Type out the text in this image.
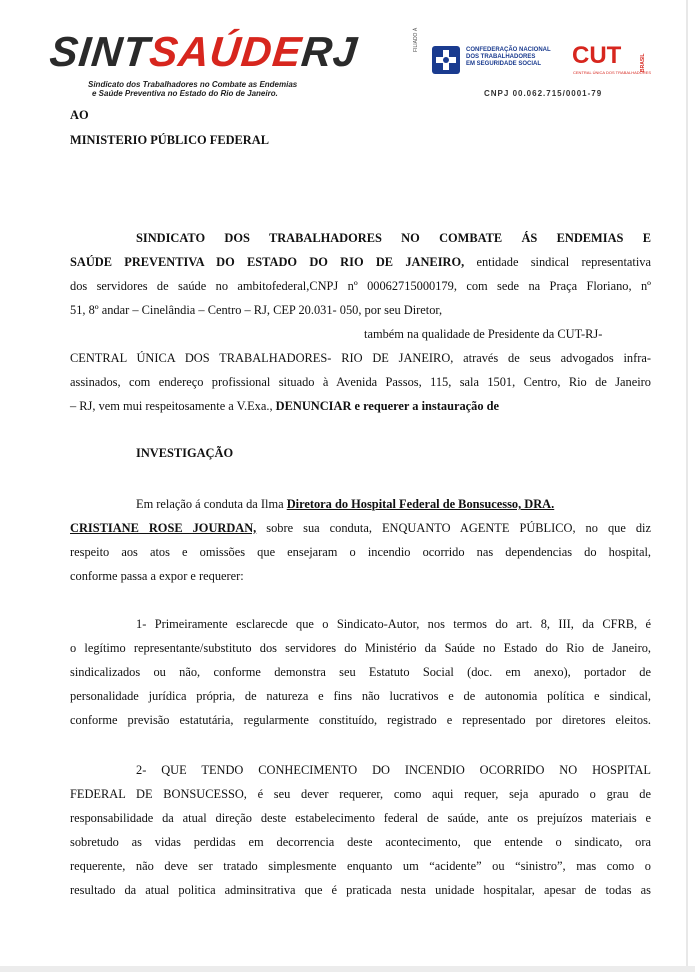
SINTSAÚDERJ
Sindicato dos Trabalhadores no Combate as Endemias
e Saúde Preventiva no Estado do Rio de Janeiro.
FILIADO À	CONFEDERAÇÃO NACIONAL
DOS TRABALHADORES
EM SEGURIDADE SOCIAL	CUT	BRASIL
CENTRAL ÚNICA DOS TRABALHADORES
CNPJ 00.062.715/0001-79
AO
MINISTERIO PÚBLICO FEDERAL
SINDICATO DOS TRABALHADORES NO COMBATE ÁS ENDEMIAS E
SAÚDE PREVENTIVA DO ESTADO DO RIO DE JANEIRO, entidade sindical representativa
dos servidores de saúde no ambitofederal,CNPJ nº 00062715000179, com sede na Praça Floriano, nº
51, 8º andar – Cinelândia – Centro – RJ, CEP 20.031- 050, por seu Diretor,
também na qualidade de Presidente da CUT-RJ-
CENTRAL ÚNICA DOS TRABALHADORES- RIO DE JANEIRO, através de seus advogados infra-
assinados, com endereço profissional situado à Avenida Passos, 115, sala 1501, Centro, Rio de Janeiro
– RJ, vem mui respeitosamente a V.Exa., DENUNCIAR e requerer a instauração de
INVESTIGAÇÃO
Em relação á conduta da Ilma Diretora do Hospital Federal de Bonsucesso, DRA.
CRISTIANE ROSE JOURDAN, sobre sua conduta, ENQUANTO AGENTE PÚBLICO, no que diz
respeito aos atos e omissões que ensejaram o incendio ocorrido nas dependencias do hospital,
conforme passa a expor e requerer:
1- Primeiramente esclarecde que o Sindicato-Autor, nos termos do art. 8, III, da CFRB, é
o legítimo representante/substituto dos servidores do Ministério da Saúde no Estado do Rio de Janeiro,
sindicalizados ou não, conforme demonstra seu Estatuto Social (doc. em anexo), portador de
personalidade jurídica própria, de natureza e fins não lucrativos e de autonomia política e sindical,
conforme previsão estatutária, regularmente constituído, registrado e representado por diretores eleitos.
2- QUE TENDO CONHECIMENTO DO INCENDIO OCORRIDO NO HOSPITAL
FEDERAL DE BONSUCESSO, é seu dever requerer, como aqui requer, seja apurado o grau de
responsabilidade da atual direção deste estabelecimento federal de saúde, ante os prejuízos materiais e
sobretudo as vidas perdidas em decorrencia deste acontecimento, que entende o sindicato, ora
requerente, não deve ser tratado simplesmente enquanto um “acidente” ou “sinistro”, mas como o
resultado da atual politica adminsitrativa que é praticada nesta unidade hospitalar, apesar de todas as
